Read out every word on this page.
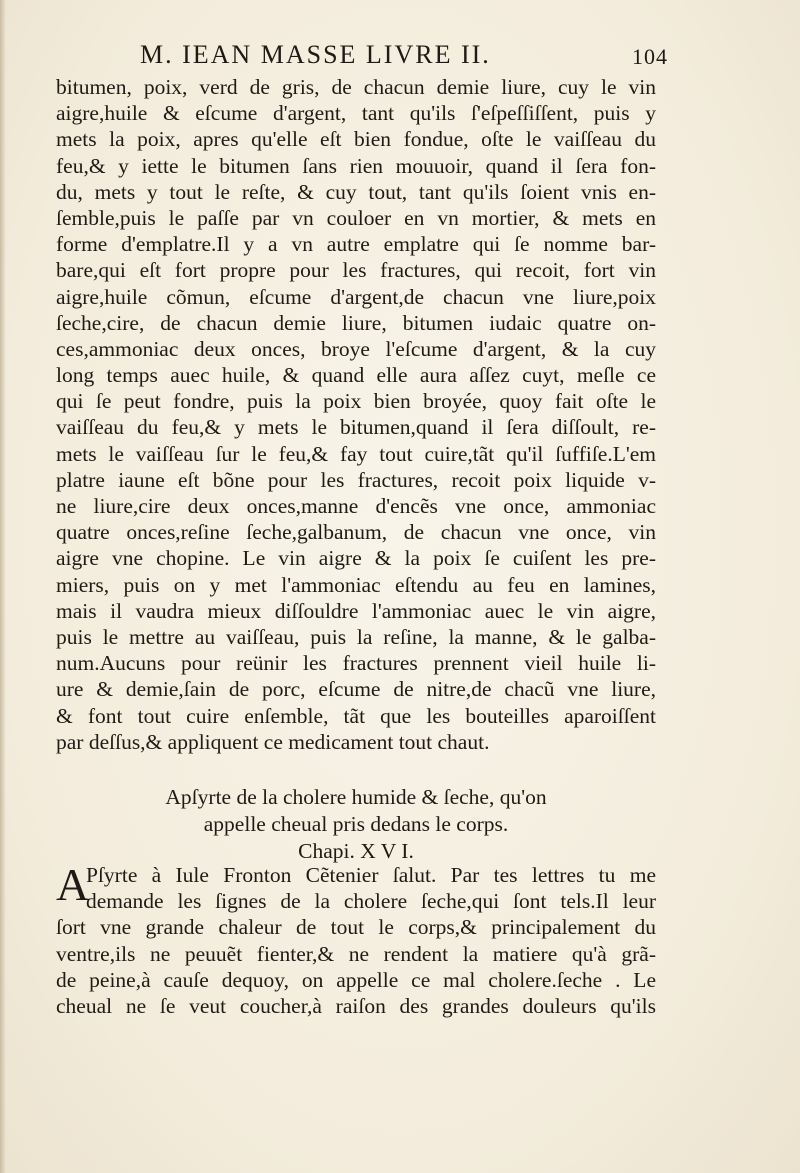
M. IEAN MASSE LIVRE II.	104
bitumen, poix, verd de gris, de chacun demie liure, cuy le vin
aigre,huile & eſcume d'argent, tant qu'ils ſ'eſpeſſiſſent, puis y
mets la poix, apres qu'elle eſt bien fondue, oſte le vaiſſeau du
feu,& y iette le bitumen ſans rien mouuoir, quand il ſera fon-
du, mets y tout le reſte, & cuy tout, tant qu'ils ſoient vnis en-
ſemble,puis le paſſe par vn couloer en vn mortier, & mets en
forme d'emplatre.Il y a vn autre emplatre qui ſe nomme bar-
bare,qui eſt fort propre pour les fractures, qui recoit, fort vin
aigre,huile cõmun, eſcume d'argent,de chacun vne liure,poix
ſeche,cire, de chacun demie liure, bitumen iudaic quatre on-
ces,ammoniac deux onces, broye l'eſcume d'argent, & la cuy
long temps auec huile, & quand elle aura aſſez cuyt, meſle ce
qui ſe peut fondre, puis la poix bien broyée, quoy fait oſte le
vaiſſeau du feu,& y mets le bitumen,quand il ſera diſſoult, re-
mets le vaiſſeau ſur le feu,& fay tout cuire,tãt qu'il ſuffiſe.L'em
platre iaune eſt bõne pour les fractures, recoit poix liquide v-
ne liure,cire deux onces,manne d'encẽs vne once, ammoniac
quatre onces,reſine ſeche,galbanum, de chacun vne once, vin
aigre vne chopine. Le vin aigre & la poix ſe cuiſent les pre-
miers, puis on y met l'ammoniac eſtendu au feu en lamines,
mais il vaudra mieux diſſouldre l'ammoniac auec le vin aigre,
puis le mettre au vaiſſeau, puis la reſine, la manne, & le galba-
num.Aucuns pour reünir les fractures prennent vieil huile li-
ure & demie,ſain de porc, eſcume de nitre,de chacũ vne liure,
& font tout cuire enſemble, tãt que les bouteilles aparoiſſent
par deſſus,& appliquent ce medicament tout chaut.
Apſyrte de la cholere humide & ſeche, qu'on
appelle cheual pris dedans le corps.
Chapi. X V I.
A
Pſyrte à Iule Fronton Cẽtenier ſalut. Par tes lettres tu me
demande les ſignes de la cholere ſeche,qui ſont tels.Il leur
ſort vne grande chaleur de tout le corps,& principalement du
ventre,ils ne peuuẽt fienter,& ne rendent la matiere qu'à grã-
de peine,à cauſe dequoy, on appelle ce mal cholere.ſeche . Le
cheual ne ſe veut coucher,à raiſon des grandes douleurs qu'ils
